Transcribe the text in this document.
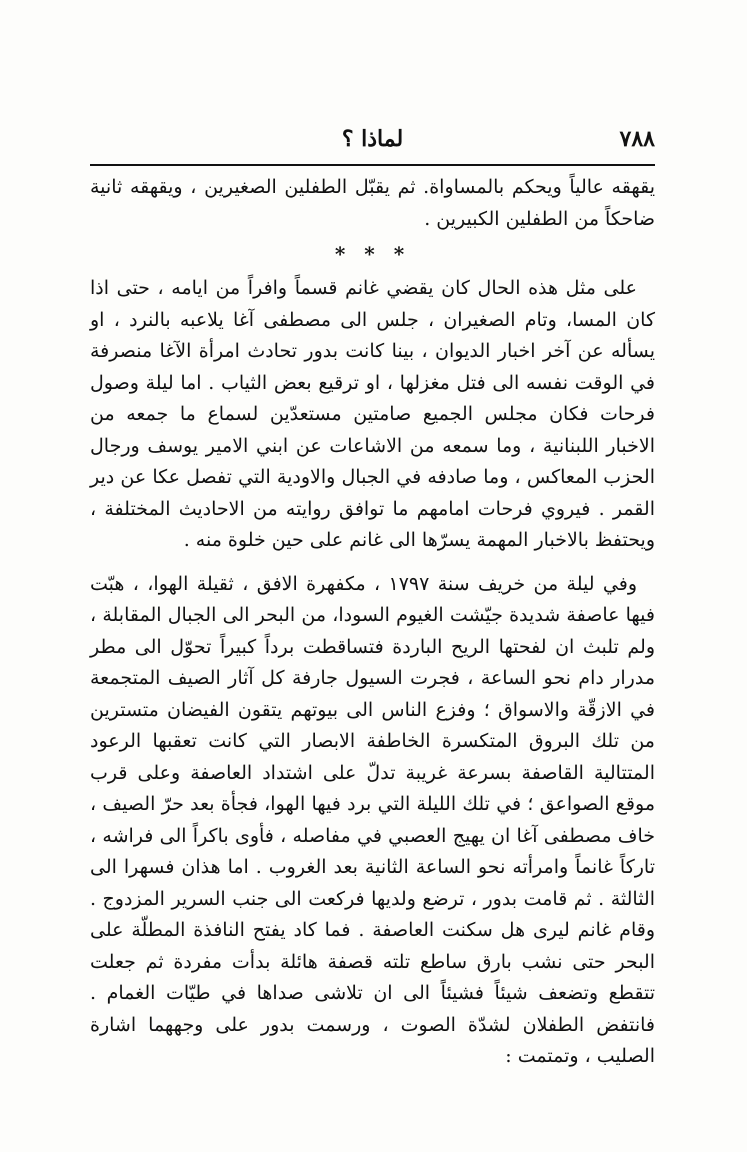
٧٨٨
لماذا ؟

يقهقه عالياً ويحكم بالمساواة. ثم يقبّل الطفلين الصغيرين ، ويقهقه ثانية ضاحكاً من الطفلين الكبيرين .

* * *

على مثل هذه الحال كان يقضي غانم قسماً وافراً من ايامه ، حتى اذا كان المسا، وتام الصغيران ، جلس الى مصطفى آغا يلاعبه بالنرد ، او يسأله عن آخر اخبار الديوان ، بينا كانت بدور تحادث امرأة الآغا منصرفة في الوقت نفسه الى فتل مغزلها ، او ترقيع بعض الثياب . اما ليلة وصول فرحات فكان مجلس الجميع صامتين مستعدّين لسماع ما جمعه من الاخبار اللبنانية ، وما سمعه من الاشاعات عن ابني الامير يوسف ورجال الحزب المعاكس ، وما صادفه في الجبال والاودية التي تفصل عكا عن دير القمر . فيروي فرحات امامهم ما توافق روايته من الاحاديث المختلفة ، ويحتفظ بالاخبار المهمة يسرّها الى غانم على حين خلوة منه .

وفي ليلة من خريف سنة ١٧٩٧ ، مكفهرة الافق ، ثقيلة الهوا، ، هبّت فيها عاصفة شديدة جيّشت الغيوم السودا، من البحر الى الجبال المقابلة ، ولم تلبث ان لفحتها الريح الباردة فتساقطت برداً كبيراً تحوّل الى مطر مدرار دام نحو الساعة ، فجرت السيول جارفة كل آثار الصيف المتجمعة في الازقّة والاسواق ؛ وفزع الناس الى بيوتهم يتقون الفيضان متسترين من تلك البروق المتكسرة الخاطفة الابصار التي كانت تعقبها الرعود المتتالية القاصفة بسرعة غريبة تدلّ على اشتداد العاصفة وعلى قرب موقع الصواعق ؛ في تلك الليلة التي برد فيها الهوا، فجأة بعد حرّ الصيف ، خاف مصطفى آغا ان يهيج العصبي في مفاصله ، فأوى باكراً الى فراشه ، تاركاً غانماً وامرأته نحو الساعة الثانية بعد الغروب . اما هذان فسهرا الى الثالثة . ثم قامت بدور ، ترضع ولديها فركعت الى جنب السرير المزدوج . وقام غانم ليرى هل سكنت العاصفة . فما كاد يفتح النافذة المطلّة على البحر حتى نشب بارق ساطع تلته قصفة هائلة بدأت مفردة ثم جعلت تتقطع وتضعف شيئاً فشيئاً الى ان تلاشى صداها في طيّات الغمام . فانتفض الطفلان لشدّة الصوت ، ورسمت بدور على وجههما اشارة الصليب ، وتمتمت :
